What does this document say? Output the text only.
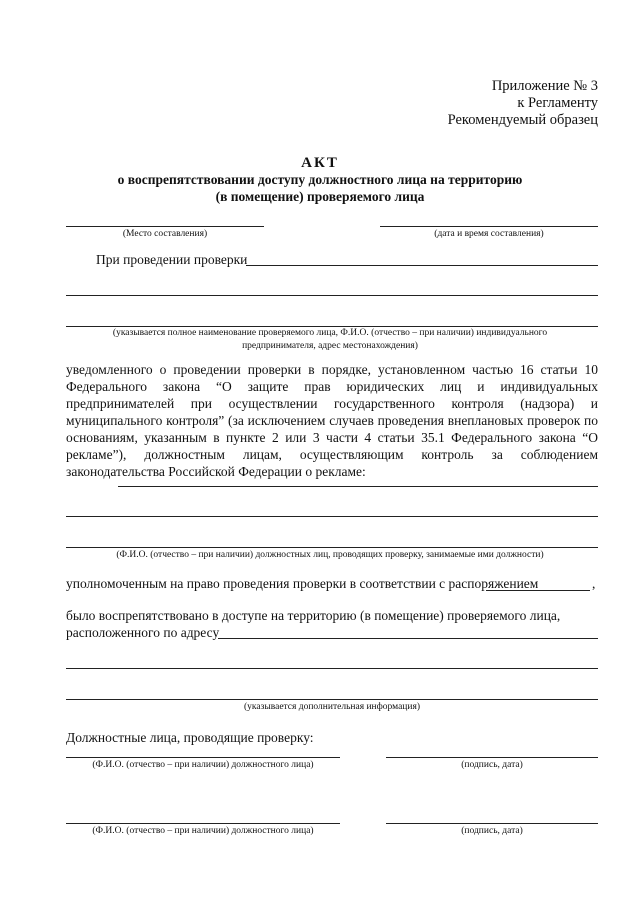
Приложение № 3
к Регламенту
Рекомендуемый образец
АКТ
о воспрепятствовании доступу должностного лица на территорию
(в помещение) проверяемого лица
(Место составления)	(дата и время составления)
При проведении проверки
(указывается полное наименование проверяемого лица, Ф.И.О. (отчество – при наличии) индивидуального
предпринимателя, адрес местонахождения)
уведомленного о проведении проверки в порядке, установленном частью 16 статьи 10 Федерального закона “О защите прав юридических лиц и индивидуальных предпринимателей при осуществлении государственного контроля (надзора) и муниципального контроля” (за исключением случаев проведения внеплановых проверок по основаниям, указанным в пункте 2 или 3 части 4 статьи 35.1 Федерального закона “О рекламе”), должностным лицам, осуществляющим контроль за соблюдением законодательства Российской Федерации о рекламе:
(Ф.И.О. (отчество – при наличии) должностных лиц, проводящих проверку, занимаемые ими должности)
уполномоченным на право проведения проверки в соответствии с распоряжением	,
было воспрепятствовано в доступе на территорию (в помещение) проверяемого лица,
расположенного по адресу
(указывается дополнительная информация)
Должностные лица, проводящие проверку:
(Ф.И.О. (отчество – при наличии) должностного лица)	(подпись, дата)
(Ф.И.О. (отчество – при наличии) должностного лица)	(подпись, дата)
